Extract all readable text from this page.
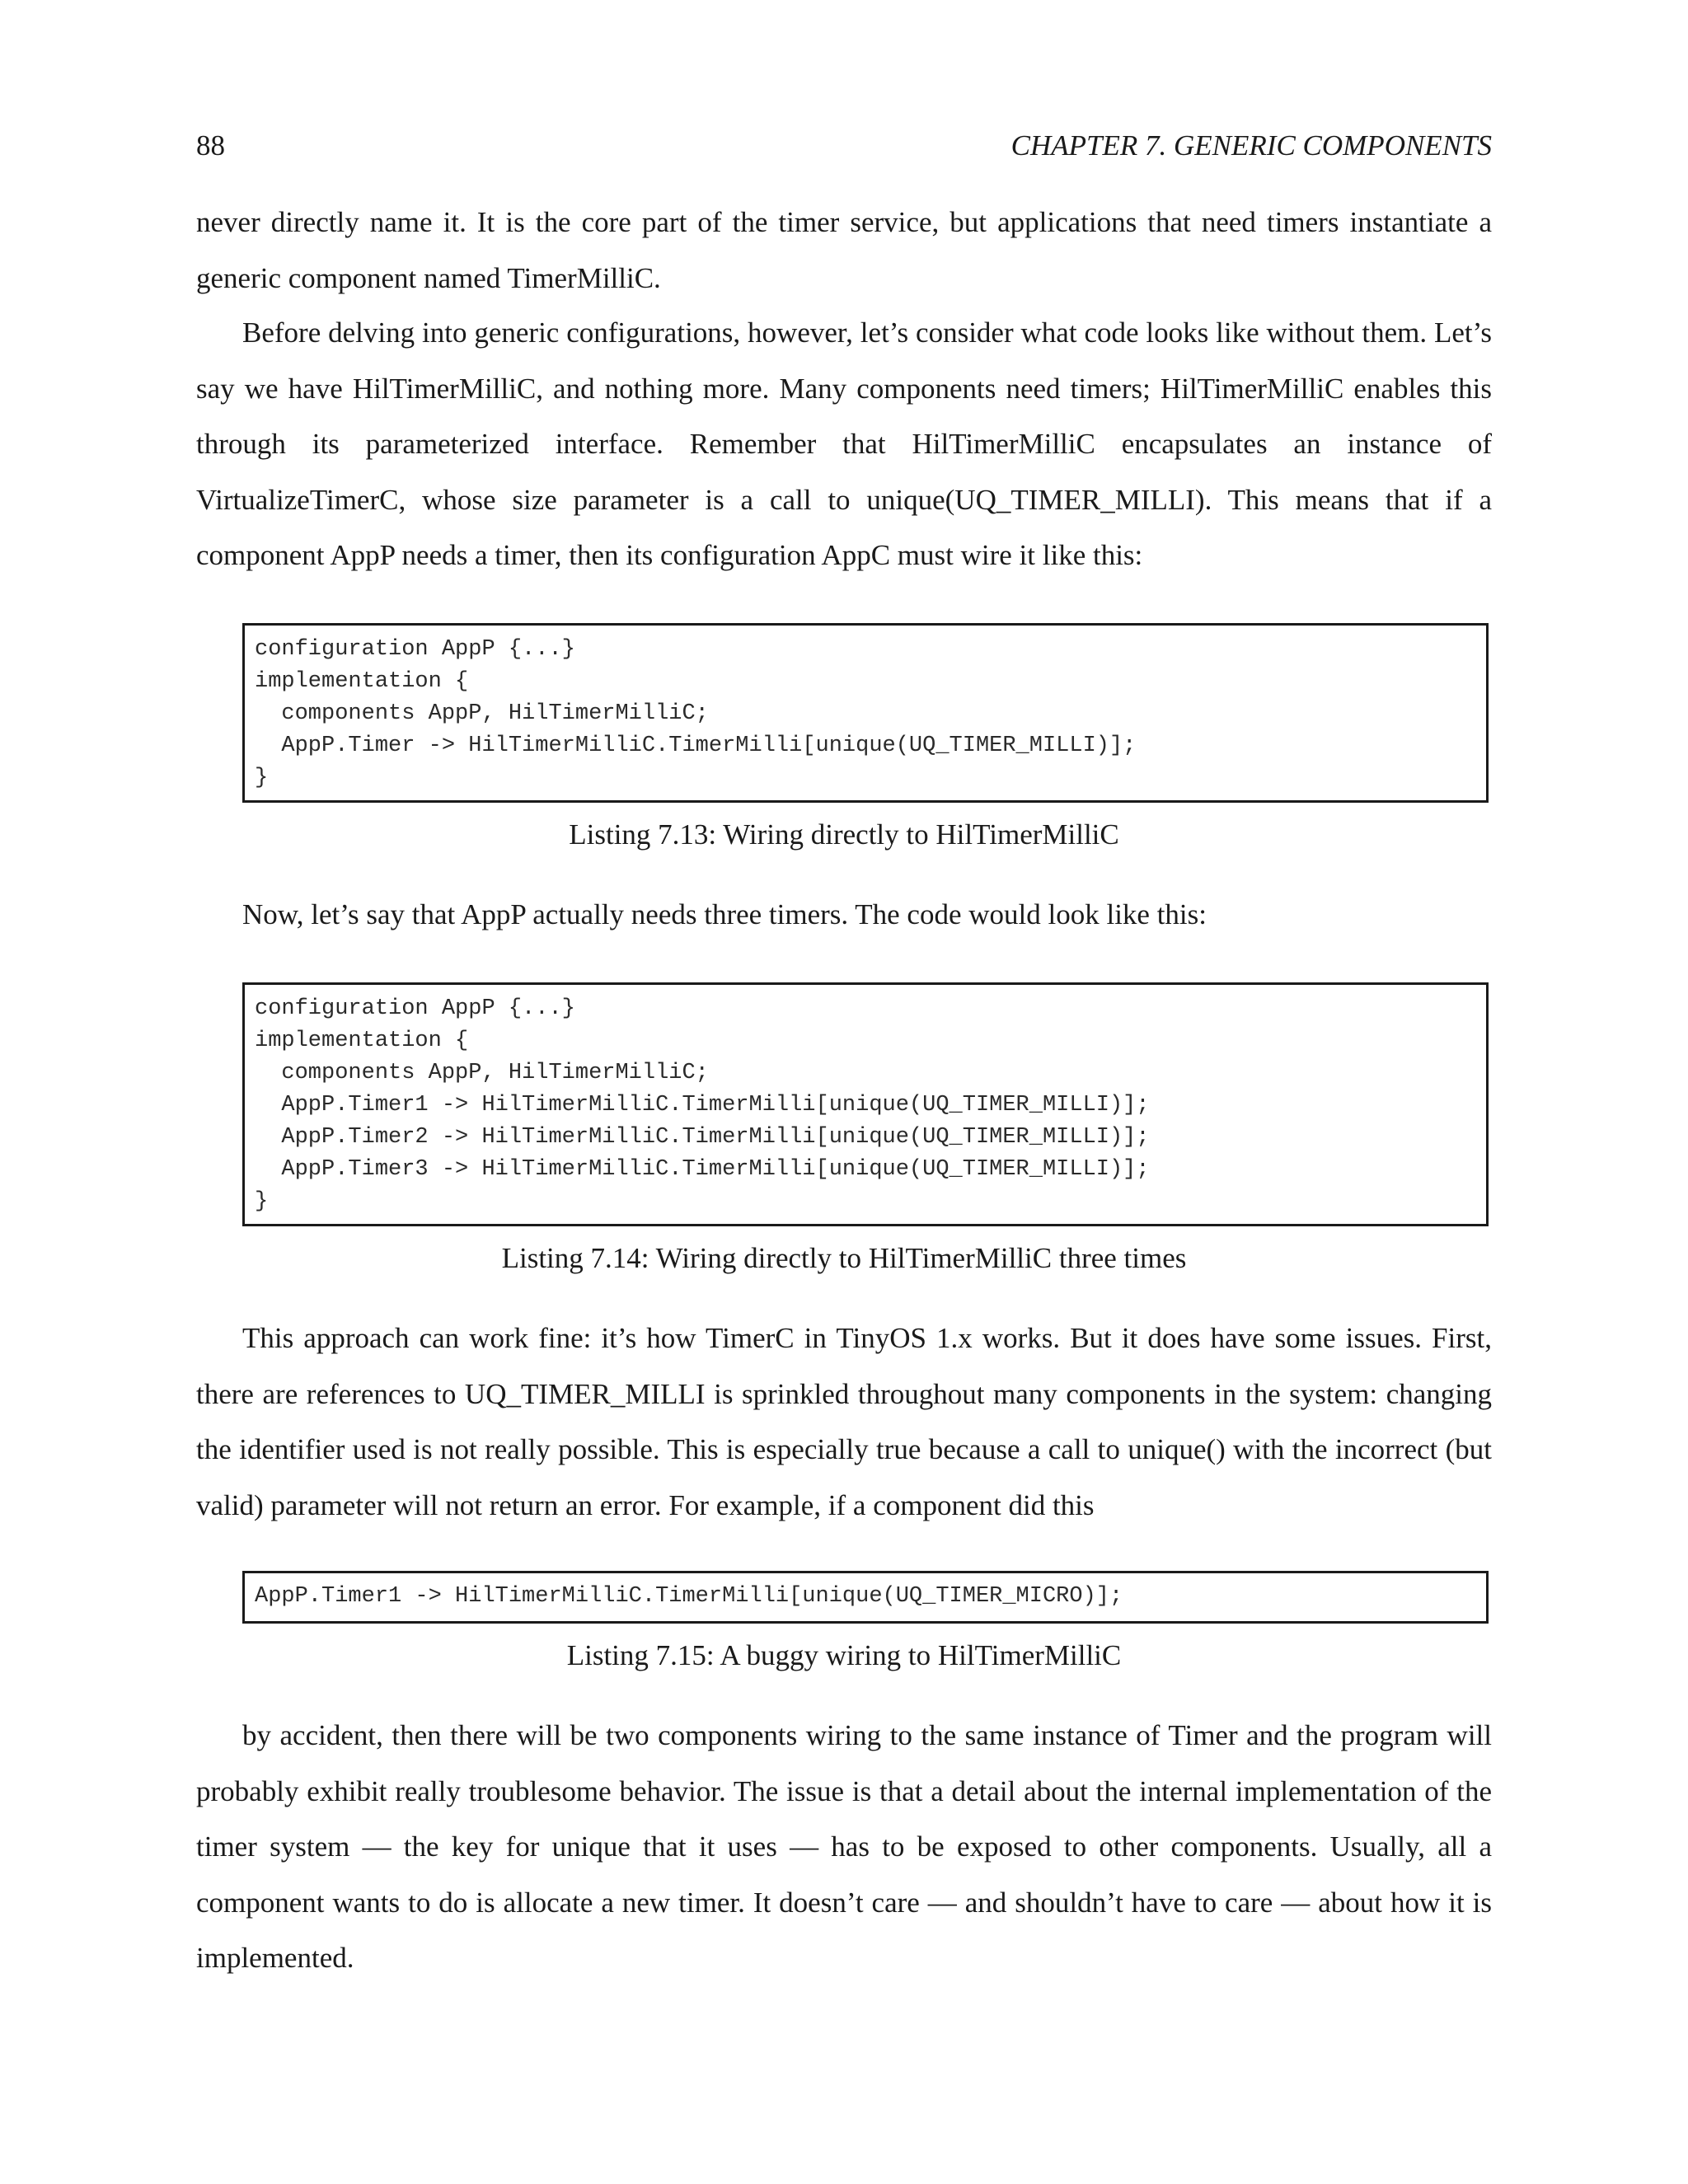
88	CHAPTER 7. GENERIC COMPONENTS

never directly name it. It is the core part of the timer service, but applications that need timers instantiate a generic component named TimerMilliC.

Before delving into generic configurations, however, let’s consider what code looks like without them. Let’s say we have HilTimerMilliC, and nothing more. Many components need timers; HilTimerMilliC enables this through its parameterized interface. Remember that HilTimerMilliC encapsulates an instance of VirtualizeTimerC, whose size parameter is a call to unique(UQ_TIMER_MILLI). This means that if a component AppP needs a timer, then its configuration AppC must wire it like this:

configuration AppP {...}
implementation {
components AppP, HilTimerMilliC;
AppP.Timer -> HilTimerMilliC.TimerMilli[unique(UQ_TIMER_MILLI)];
}
Listing 7.13: Wiring directly to HilTimerMilliC

Now, let’s say that AppP actually needs three timers. The code would look like this:

configuration AppP {...}
implementation {
components AppP, HilTimerMilliC;
AppP.Timer1 -> HilTimerMilliC.TimerMilli[unique(UQ_TIMER_MILLI)];
AppP.Timer2 -> HilTimerMilliC.TimerMilli[unique(UQ_TIMER_MILLI)];
AppP.Timer3 -> HilTimerMilliC.TimerMilli[unique(UQ_TIMER_MILLI)];
}
Listing 7.14: Wiring directly to HilTimerMilliC three times

This approach can work fine: it’s how TimerC in TinyOS 1.x works. But it does have some issues. First, there are references to UQ_TIMER_MILLI is sprinkled throughout many components in the system: changing the identifier used is not really possible. This is especially true because a call to unique() with the incorrect (but valid) parameter will not return an error. For example, if a component did this

AppP.Timer1 -> HilTimerMilliC.TimerMilli[unique(UQ_TIMER_MICRO)];
Listing 7.15: A buggy wiring to HilTimerMilliC

by accident, then there will be two components wiring to the same instance of Timer and the program will probably exhibit really troublesome behavior. The issue is that a detail about the internal implementation of the timer system — the key for unique that it uses — has to be exposed to other components. Usually, all a component wants to do is allocate a new timer. It doesn’t care — and shouldn’t have to care — about how it is implemented.
